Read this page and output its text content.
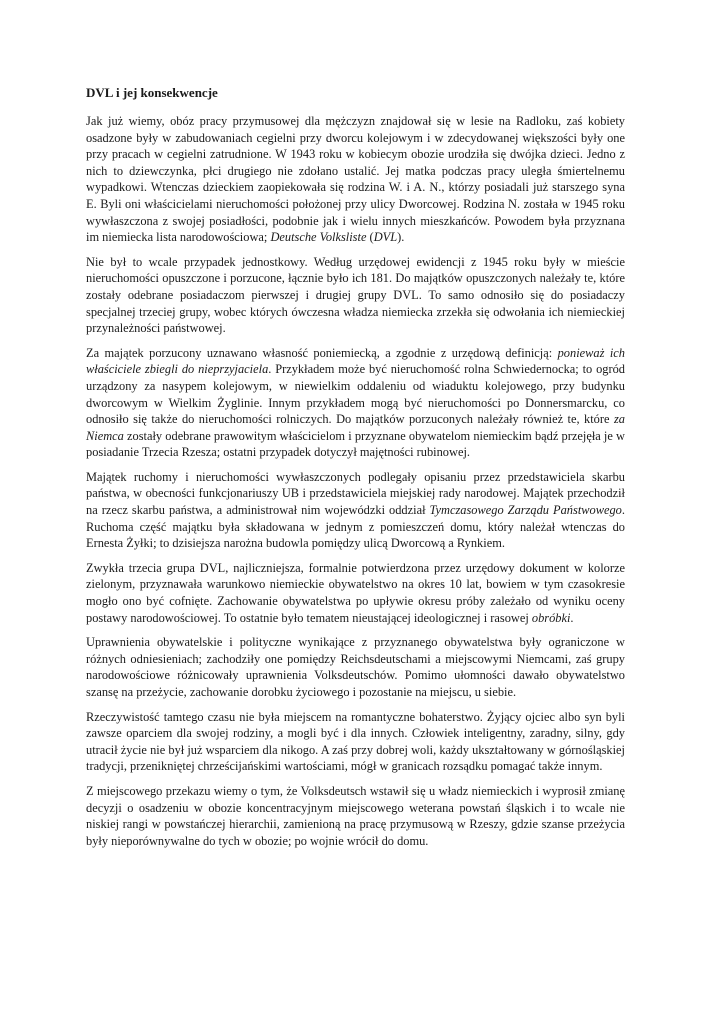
DVL i jej konsekwencje

Jak już wiemy, obóz pracy przymusowej dla mężczyzn znajdował się w lesie na Radloku, zaś kobiety osadzone były w zabudowaniach cegielni przy dworcu kolejowym i w zdecydowanej większości były one przy pracach w cegielni zatrudnione. W 1943 roku w kobiecym obozie urodziła się dwójka dzieci. Jedno z nich to dziewczynka, płci drugiego nie zdołano ustalić. Jej matka podczas pracy uległa śmiertelnemu wypadkowi. Wtenczas dzieckiem zaopiekowała się rodzina W. i A. N., którzy posiadali już starszego syna E. Byli oni właścicielami nieruchomości położonej przy ulicy Dworcowej. Rodzina N. została w 1945 roku wywłaszczona z swojej posiadłości, podobnie jak i wielu innych mieszkańców. Powodem była przyznana im niemiecka lista narodowościowa; Deutsche Volksliste (DVL).

Nie był to wcale przypadek jednostkowy. Według urzędowej ewidencji z 1945 roku były w mieście nieruchomości opuszczone i porzucone, łącznie było ich 181. Do majątków opuszczonych należały te, które zostały odebrane posiadaczom pierwszej i drugiej grupy DVL. To samo odnosiło się do posiadaczy specjalnej trzeciej grupy, wobec których ówczesna władza niemiecka zrzekła się odwołania ich niemieckiej przynależności państwowej.

Za majątek porzucony uznawano własność poniemiecką, a zgodnie z urzędową definicją: ponieważ ich właściciele zbiegli do nieprzyjaciela. Przykładem może być nieruchomość rolna Schwiedernocka; to ogród urządzony za nasypem kolejowym, w niewielkim oddaleniu od wiaduktu kolejowego, przy budynku dworcowym w Wielkim Żyglinie. Innym przykładem mogą być nieruchomości po Donnersmarcku, co odnosiło się także do nieruchomości rolniczych. Do majątków porzuconych należały również te, które za Niemca zostały odebrane prawowitym właścicielom i przyznane obywatelom niemieckim bądź przejęła je w posiadanie Trzecia Rzesza; ostatni przypadek dotyczył majętności rubinowej.

Majątek ruchomy i nieruchomości wywłaszczonych podlegały opisaniu przez przedstawiciela skarbu państwa, w obecności funkcjonariuszy UB i przedstawiciela miejskiej rady narodowej. Majątek przechodził na rzecz skarbu państwa, a administrował nim wojewódzki oddział Tymczasowego Zarządu Państwowego. Ruchoma część majątku była składowana w jednym z pomieszczeń domu, który należał wtenczas do Ernesta Żyłki; to dzisiejsza narożna budowla pomiędzy ulicą Dworcową a Rynkiem.

Zwykła trzecia grupa DVL, najliczniejsza, formalnie potwierdzona przez urzędowy dokument w kolorze zielonym, przyznawała warunkowo niemieckie obywatelstwo na okres 10 lat, bowiem w tym czasokresie mogło ono być cofnięte. Zachowanie obywatelstwa po upływie okresu próby zależało od wyniku oceny postawy narodowościowej. To ostatnie było tematem nieustającej ideologicznej i rasowej obróbki.

Uprawnienia obywatelskie i polityczne wynikające z przyznanego obywatelstwa były ograniczone w różnych odniesieniach; zachodziły one pomiędzy Reichsdeutschami a miejscowymi Niemcami, zaś grupy narodowościowe różnicowały uprawnienia Volksdeutschów. Pomimo ułomności dawało obywatelstwo szansę na przeżycie, zachowanie dorobku życiowego i pozostanie na miejscu, u siebie.

Rzeczywistość tamtego czasu nie była miejscem na romantyczne bohaterstwo. Żyjący ojciec albo syn byli zawsze oparciem dla swojej rodziny, a mogli być i dla innych. Człowiek inteligentny, zaradny, silny, gdy utracił życie nie był już wsparciem dla nikogo. A zaś przy dobrej woli, każdy ukształtowany w górnośląskiej tradycji, przenikniętej chrześcijańskimi wartościami, mógł w granicach rozsądku pomagać także innym.

Z miejscowego przekazu wiemy o tym, że Volksdeutsch wstawił się u władz niemieckich i wyprosił zmianę decyzji o osadzeniu w obozie koncentracyjnym miejscowego weterana powstań śląskich i to wcale nie niskiej rangi w powstańczej hierarchii, zamienioną na pracę przymusową w Rzeszy, gdzie szanse przeżycia były nieporównywalne do tych w obozie; po wojnie wrócił do domu.
